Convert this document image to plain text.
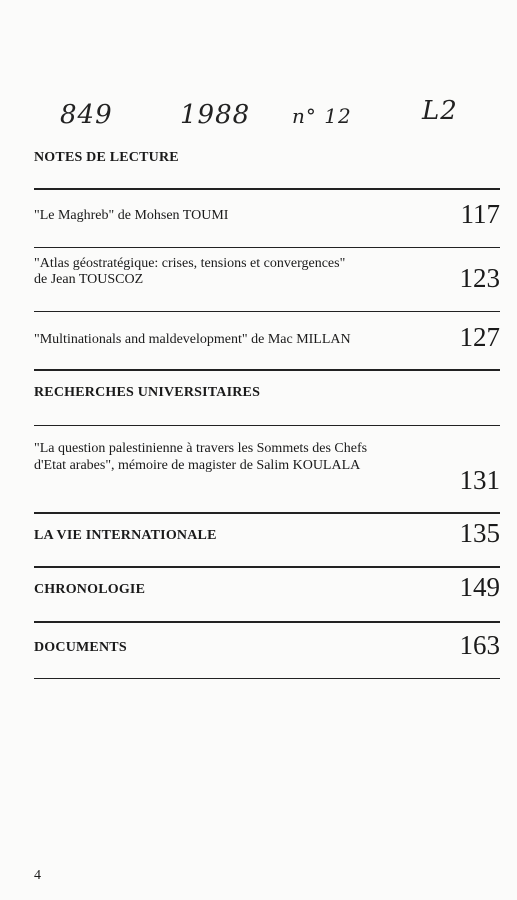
849	1988 n° 12	L2
NOTES DE LECTURE
"Le Maghreb" de Mohsen TOUMI	117
"Atlas géostratégique: crises, tensions et convergences"
de Jean TOUSCOZ	123
"Multinationals and maldevelopment" de Mac MILLAN	127
RECHERCHES UNIVERSITAIRES
"La question palestinienne à travers les Sommets des Chefs
d'Etat arabes", mémoire de magister de Salim KOULALA	131
LA VIE INTERNATIONALE	135
CHRONOLOGIE	149
DOCUMENTS	163
4
